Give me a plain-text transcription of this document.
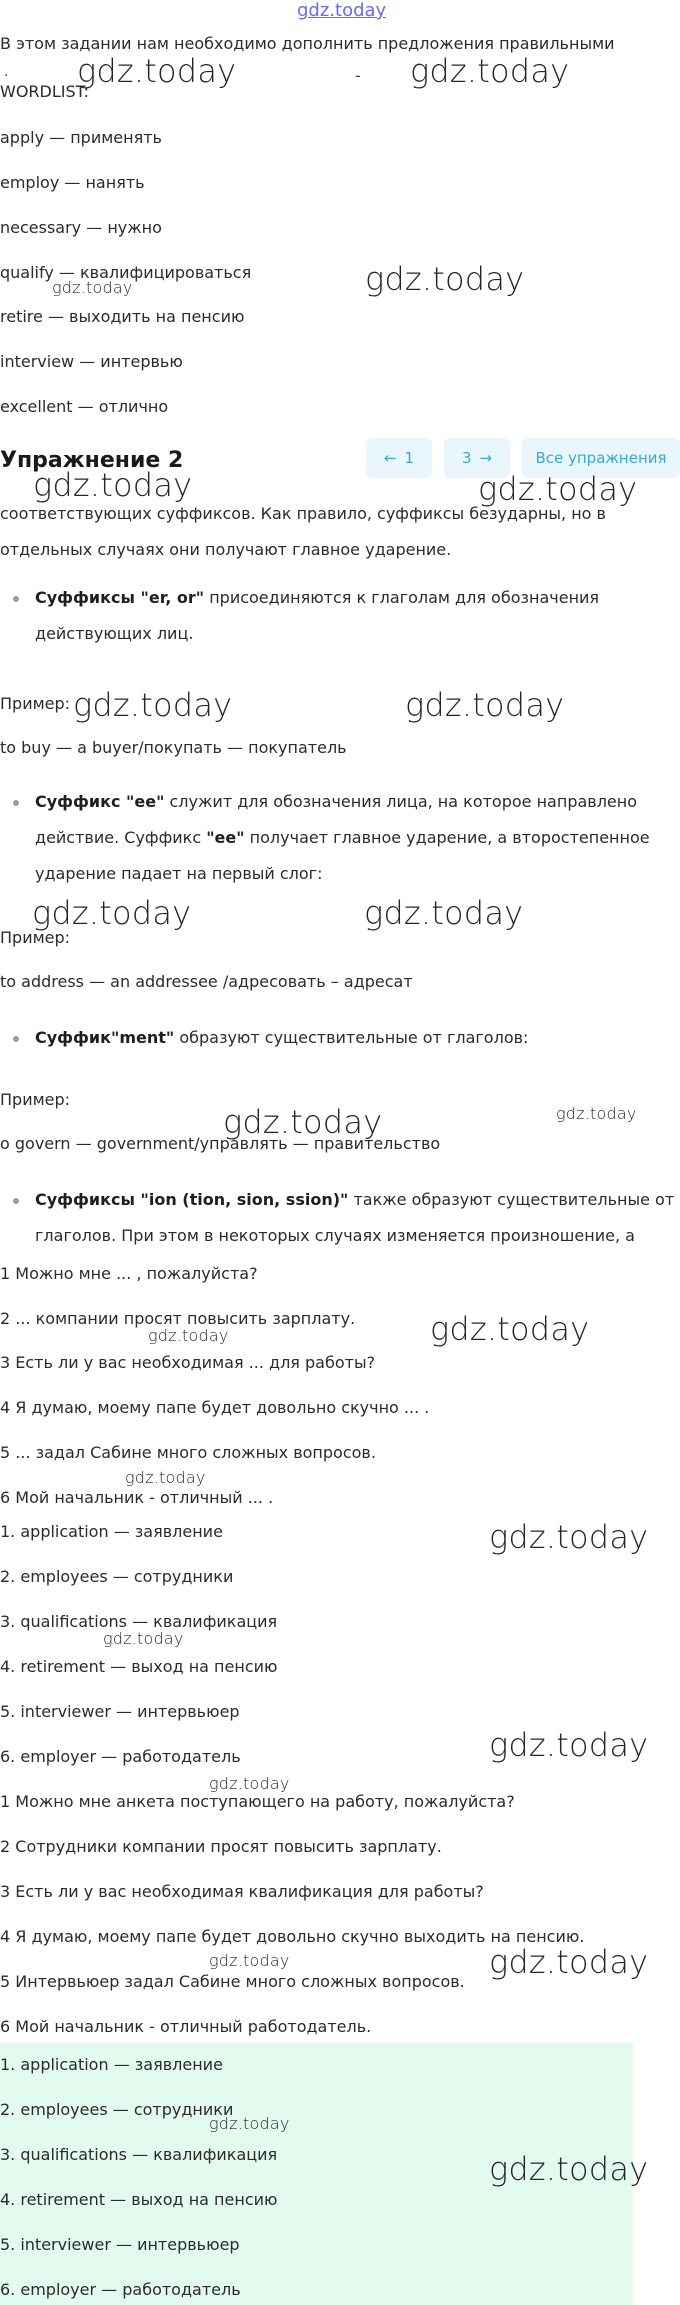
gdz.today
В этом задании нам необходимо дополнить предложения правильными
.	-
WORDLIST:
apply — применять
employ — нанять
necessary — нужно
qualify — квалифицироваться
retire — выходить на пенсию
interview — интервью
excellent — отлично
Упражнение 2	← 1	3 →	Все упражнения
соответствующих суффиксов. Как правило, суффиксы безударны, но в
отдельных случаях они получают главное ударение.
Суффиксы "er, or" присоединяются к глаголам для обозначения
действующих лиц.
Пример:
to buy — a buyer/покупать — покупатель
Суффикс "ee" служит для обозначения лица, на которое направлено
действие. Суффикс "ee" получает главное ударение, а второстепенное
ударение падает на первый слог:
Пример:
to address — an addressee /адресовать – адресат
Суффик"ment" образуют существительные от глаголов:
Пример:
o govern — government/управлять — правительство
Суффиксы "ion (tion, sion, ssion)" также образуют существительные от
глаголов. При этом в некоторых случаях изменяется произношение, а
1 Можно мне ... , пожалуйста?
2 ... компании просят повысить зарплату.
3 Есть ли у вас необходимая ... для работы?
4 Я думаю, моему папе будет довольно скучно ... .
5 ... задал Сабине много сложных вопросов.
6 Мой начальник - отличный ... .
1. application — заявление
2. employees — сотрудники
3. qualifications — квалификация
4. retirement — выход на пенсию
5. interviewer — интервьюер
6. employer — работодатель
1 Можно мне анкета поступающего на работу, пожалуйста?
2 Сотрудники компании просят повысить зарплату.
3 Есть ли у вас необходимая квалификация для работы?
4 Я думаю, моему папе будет довольно скучно выходить на пенсию.
5 Интервьюер задал Сабине много сложных вопросов.
6 Мой начальник - отличный работодатель.
1. application — заявление
2. employees — сотрудники
3. qualifications — квалификация
4. retirement — выход на пенсию
5. interviewer — интервьюер
6. employer — работодатель
gdz.today	gdz.today
gdz.today	gdz.today
gdz.today	gdz.today
gdz.today	gdz.today
gdz.today	gdz.today
gdz.today	gdz.today
gdz.today	gdz.today
gdz.today
gdz.today
gdz.today
gdz.today
gdz.today
gdz.today	gdz.today
gdz.today
gdz.today
